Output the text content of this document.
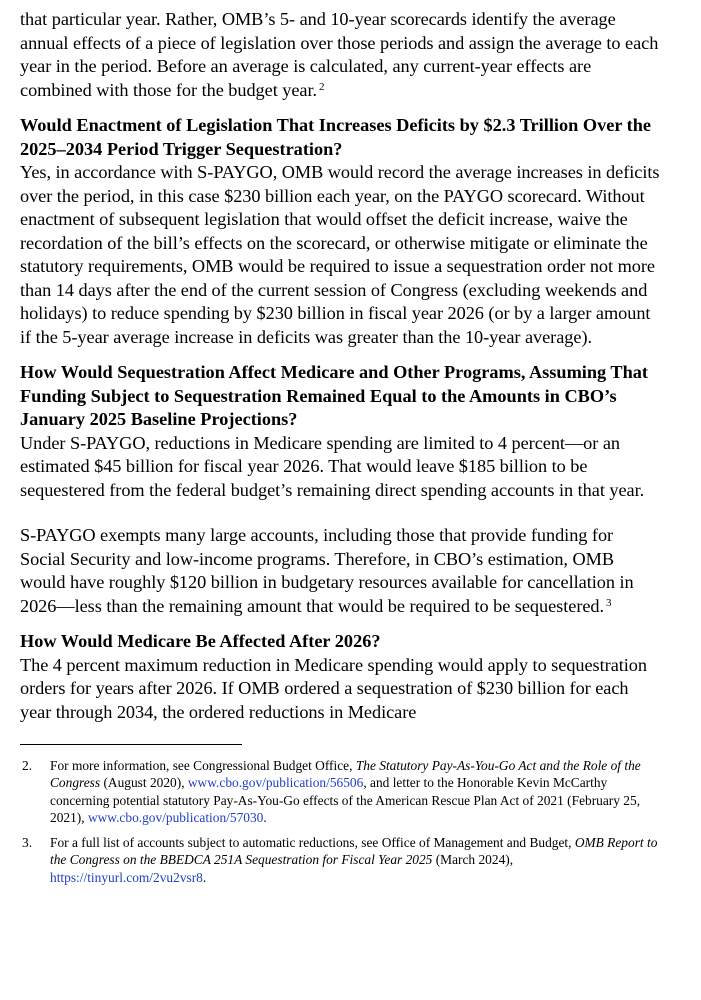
that particular year. Rather, OMB’s 5- and 10-year scorecards identify the average annual effects of a piece of legislation over those periods and assign the average to each year in the period. Before an average is calculated, any current-year effects are combined with those for the budget year. $^2$

Would Enactment of Legislation That Increases Deficits by $2.3 Trillion Over the 2025–2034 Period Trigger Sequestration?

Yes, in accordance with S-PAYGO, OMB would record the average increases in deficits over the period, in this case $230 billion each year, on the PAYGO scorecard. Without enactment of subsequent legislation that would offset the deficit increase, waive the recordation of the bill’s effects on the scorecard, or otherwise mitigate or eliminate the statutory requirements, OMB would be required to issue a sequestration order not more than 14 days after the end of the current session of Congress (excluding weekends and holidays) to reduce spending by $230 billion in fiscal year 2026 (or by a larger amount if the 5-year average increase in deficits was greater than the 10-year average).

How Would Sequestration Affect Medicare and Other Programs, Assuming That Funding Subject to Sequestration Remained Equal to the Amounts in CBO’s January 2025 Baseline Projections?

Under S-PAYGO, reductions in Medicare spending are limited to 4 percent—or an estimated $45 billion for fiscal year 2026. That would leave $185 billion to be sequestered from the federal budget’s remaining direct spending accounts in that year.

S-PAYGO exempts many large accounts, including those that provide funding for Social Security and low-income programs. Therefore, in CBO’s estimation, OMB would have roughly $120 billion in budgetary resources available for cancellation in 2026—less than the remaining amount that would be required to be sequestered. $^3$

How Would Medicare Be Affected After 2026?

The 4 percent maximum reduction in Medicare spending would apply to sequestration orders for years after 2026. If OMB ordered a sequestration of $230 billion for each year through 2034, the ordered reductions in Medicare

2.	For more information, see Congressional Budget Office, The Statutory Pay-As-You-Go Act and the Role of the Congress (August 2020), www.cbo.gov/publication/56506, and letter to the Honorable Kevin McCarthy concerning potential statutory Pay-As-You-Go effects of the American Rescue Plan Act of 2021 (February 25, 2021), www.cbo.gov/publication/57030.
3.	For a full list of accounts subject to automatic reductions, see Office of Management and Budget, OMB Report to the Congress on the BBEDCA 251A Sequestration for Fiscal Year 2025 (March 2024), https://tinyurl.com/2vu2vsr8.
